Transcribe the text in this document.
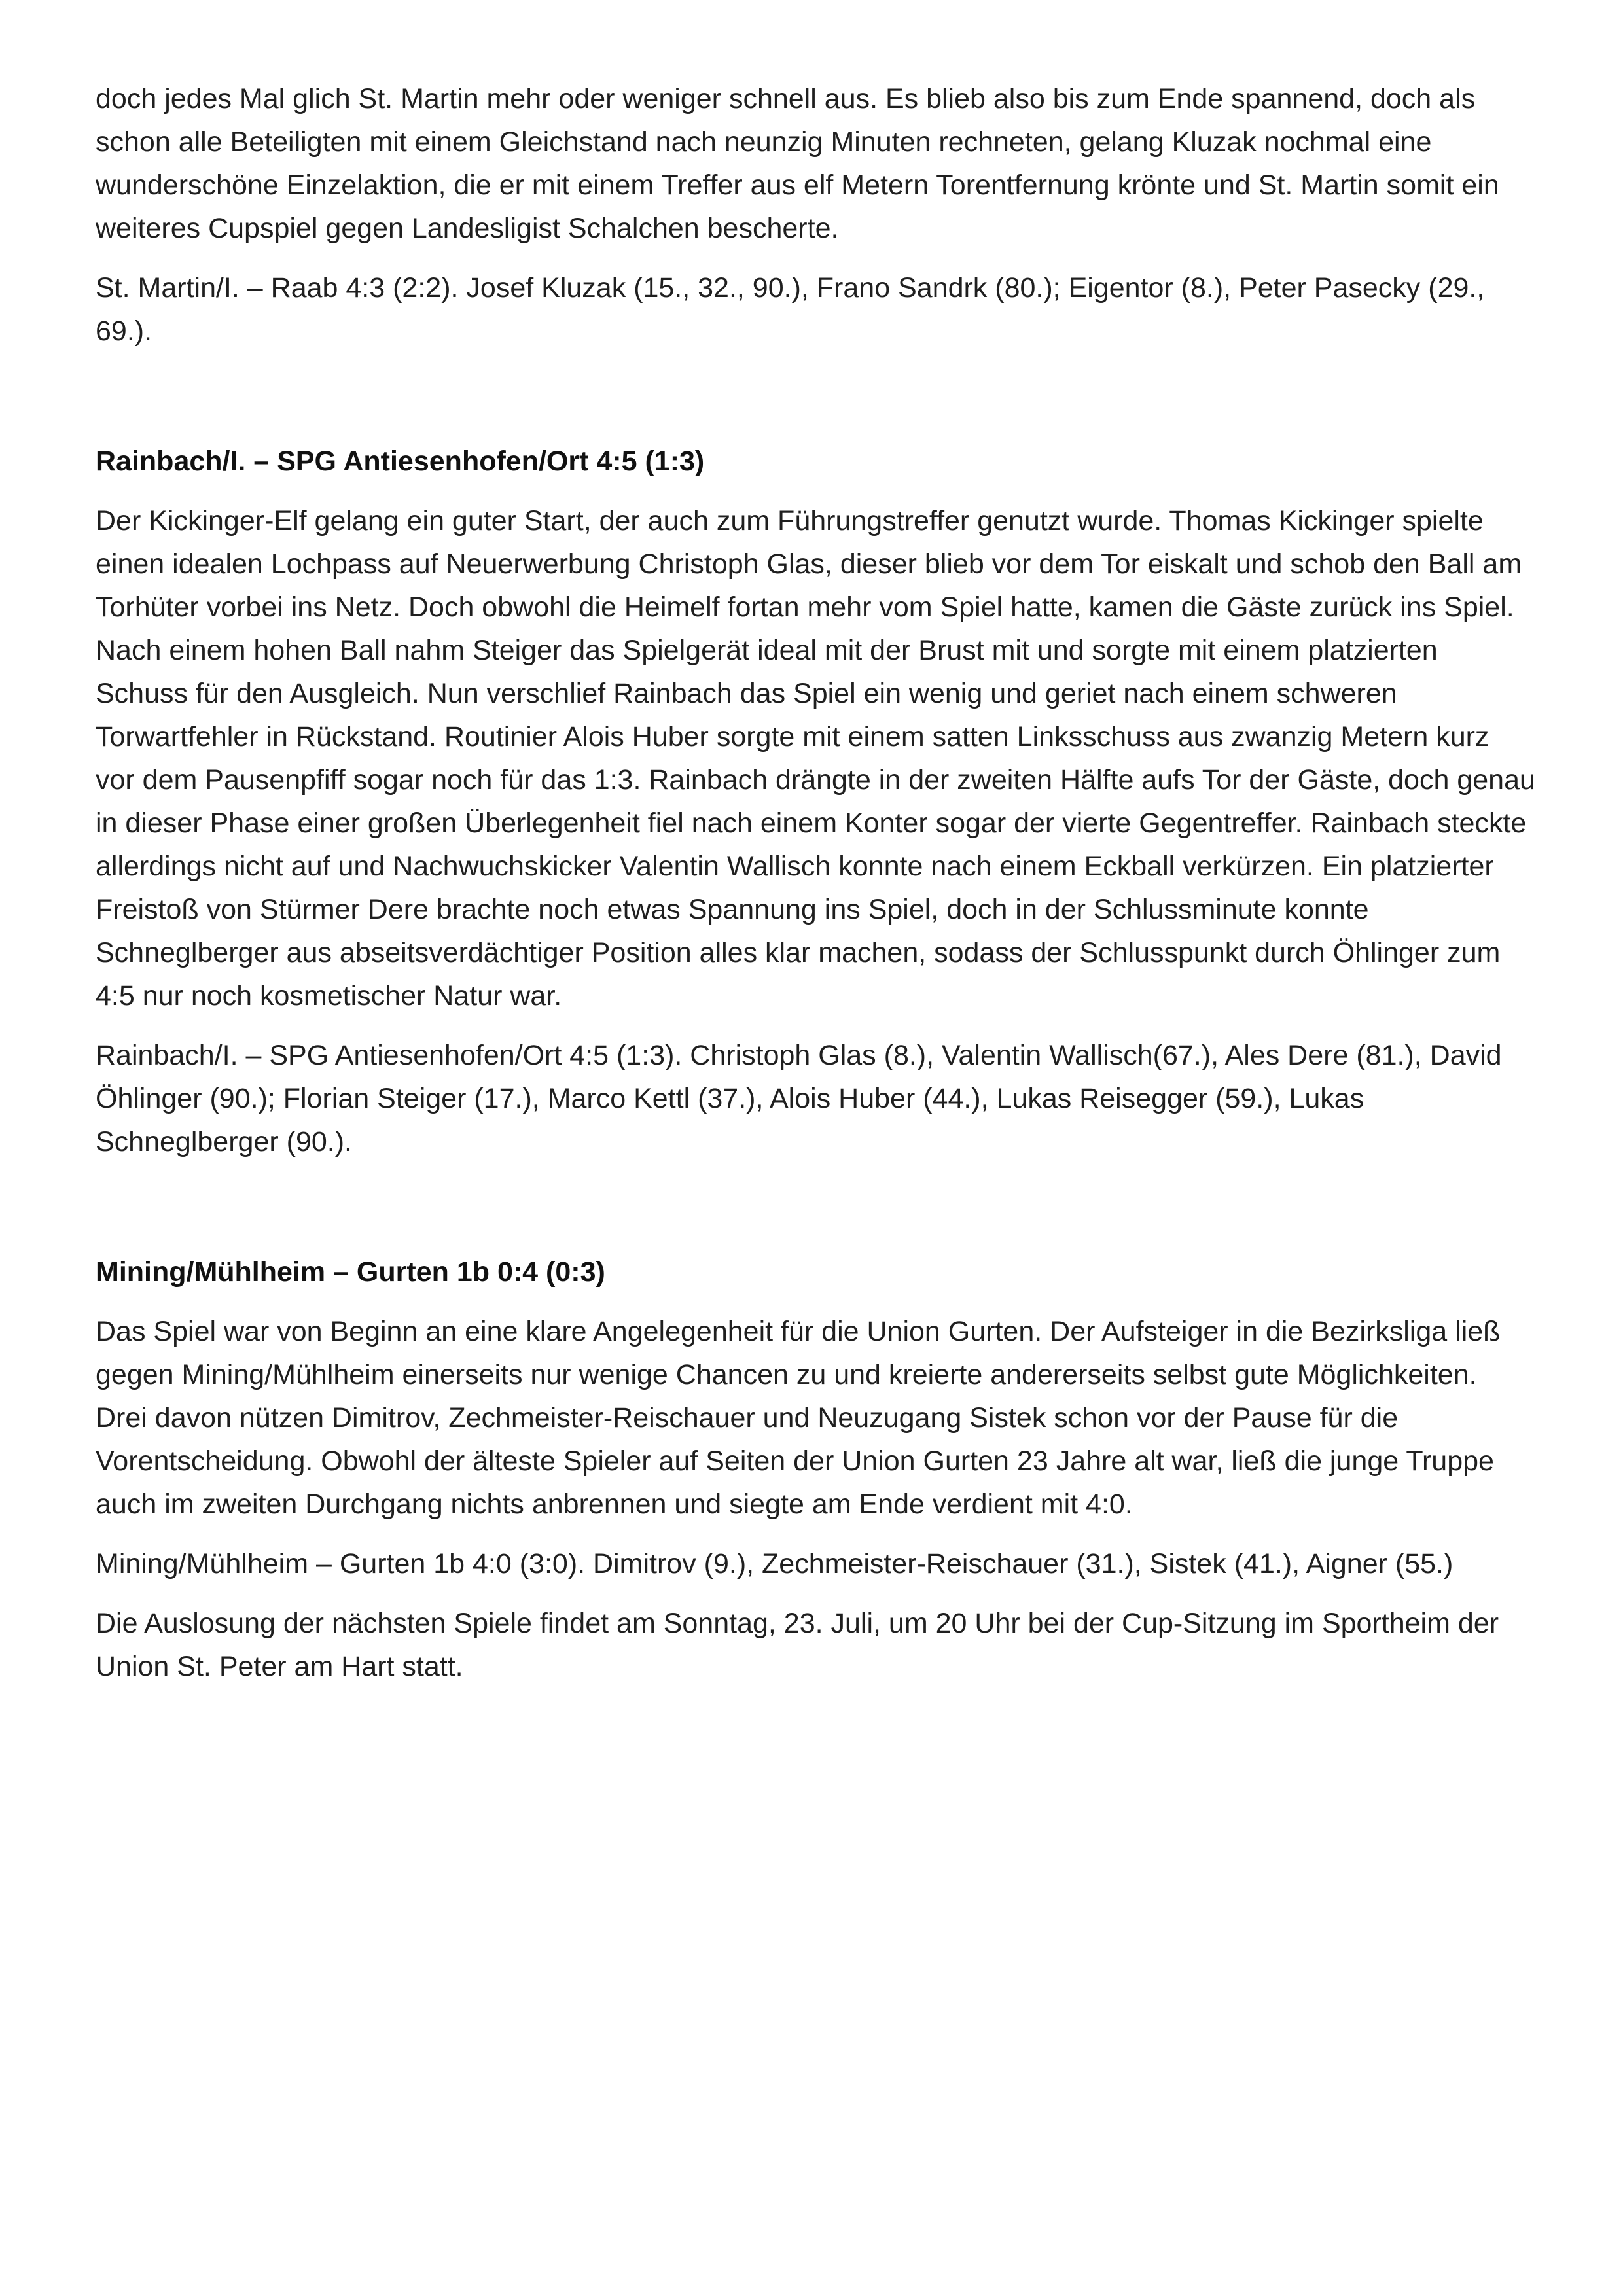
doch jedes Mal glich St. Martin mehr oder weniger schnell aus. Es blieb also bis zum Ende spannend, doch als schon alle Beteiligten mit einem Gleichstand nach neunzig Minuten rechneten, gelang Kluzak nochmal eine wunderschöne Einzelaktion, die er mit einem Treffer aus elf Metern Torentfernung krönte und St. Martin somit ein weiteres Cupspiel gegen Landesligist Schalchen bescherte.

St. Martin/I. – Raab 4:3 (2:2). Josef Kluzak (15., 32., 90.), Frano Sandrk (80.); Eigentor (8.), Peter Pasecky (29., 69.).

Rainbach/I. – SPG Antiesenhofen/Ort 4:5 (1:3)

Der Kickinger-Elf gelang ein guter Start, der auch zum Führungstreffer genutzt wurde. Thomas Kickinger spielte einen idealen Lochpass auf Neuerwerbung Christoph Glas, dieser blieb vor dem Tor eiskalt und schob den Ball am Torhüter vorbei ins Netz. Doch obwohl die Heimelf fortan mehr vom Spiel hatte, kamen die Gäste zurück ins Spiel. Nach einem hohen Ball nahm Steiger das Spielgerät ideal mit der Brust mit und sorgte mit einem platzierten Schuss für den Ausgleich. Nun verschlief Rainbach das Spiel ein wenig und geriet nach einem schweren Torwartfehler in Rückstand. Routinier Alois Huber sorgte mit einem satten Linksschuss aus zwanzig Metern kurz vor dem Pausenpfiff sogar noch für das 1:3. Rainbach drängte in der zweiten Hälfte aufs Tor der Gäste, doch genau in dieser Phase einer großen Überlegenheit fiel nach einem Konter sogar der vierte Gegentreffer. Rainbach steckte allerdings nicht auf und Nachwuchskicker Valentin Wallisch konnte nach einem Eckball verkürzen. Ein platzierter Freistoß von Stürmer Dere brachte noch etwas Spannung ins Spiel, doch in der Schlussminute konnte Schneglberger aus abseitsverdächtiger Position alles klar machen, sodass der Schlusspunkt durch Öhlinger zum 4:5 nur noch kosmetischer Natur war.

Rainbach/I. – SPG Antiesenhofen/Ort 4:5 (1:3). Christoph Glas (8.), Valentin Wallisch(67.), Ales Dere (81.), David Öhlinger (90.); Florian Steiger (17.), Marco Kettl (37.), Alois Huber (44.), Lukas Reisegger (59.), Lukas Schneglberger (90.).

Mining/Mühlheim – Gurten 1b 0:4 (0:3)

Das Spiel war von Beginn an eine klare Angelegenheit für die Union Gurten. Der Aufsteiger in die Bezirksliga ließ gegen Mining/Mühlheim einerseits nur wenige Chancen zu und kreierte andererseits selbst gute Möglichkeiten. Drei davon nützen Dimitrov, Zechmeister-Reischauer und Neuzugang Sistek schon vor der Pause für die Vorentscheidung. Obwohl der älteste Spieler auf Seiten der Union Gurten 23 Jahre alt war, ließ die junge Truppe auch im zweiten Durchgang nichts anbrennen und siegte am Ende verdient mit 4:0.

Mining/Mühlheim – Gurten 1b 4:0 (3:0). Dimitrov (9.), Zechmeister-Reischauer (31.), Sistek (41.), Aigner (55.)

Die Auslosung der nächsten Spiele findet am Sonntag, 23. Juli, um 20 Uhr bei der Cup-Sitzung im Sportheim der Union St. Peter am Hart statt.
